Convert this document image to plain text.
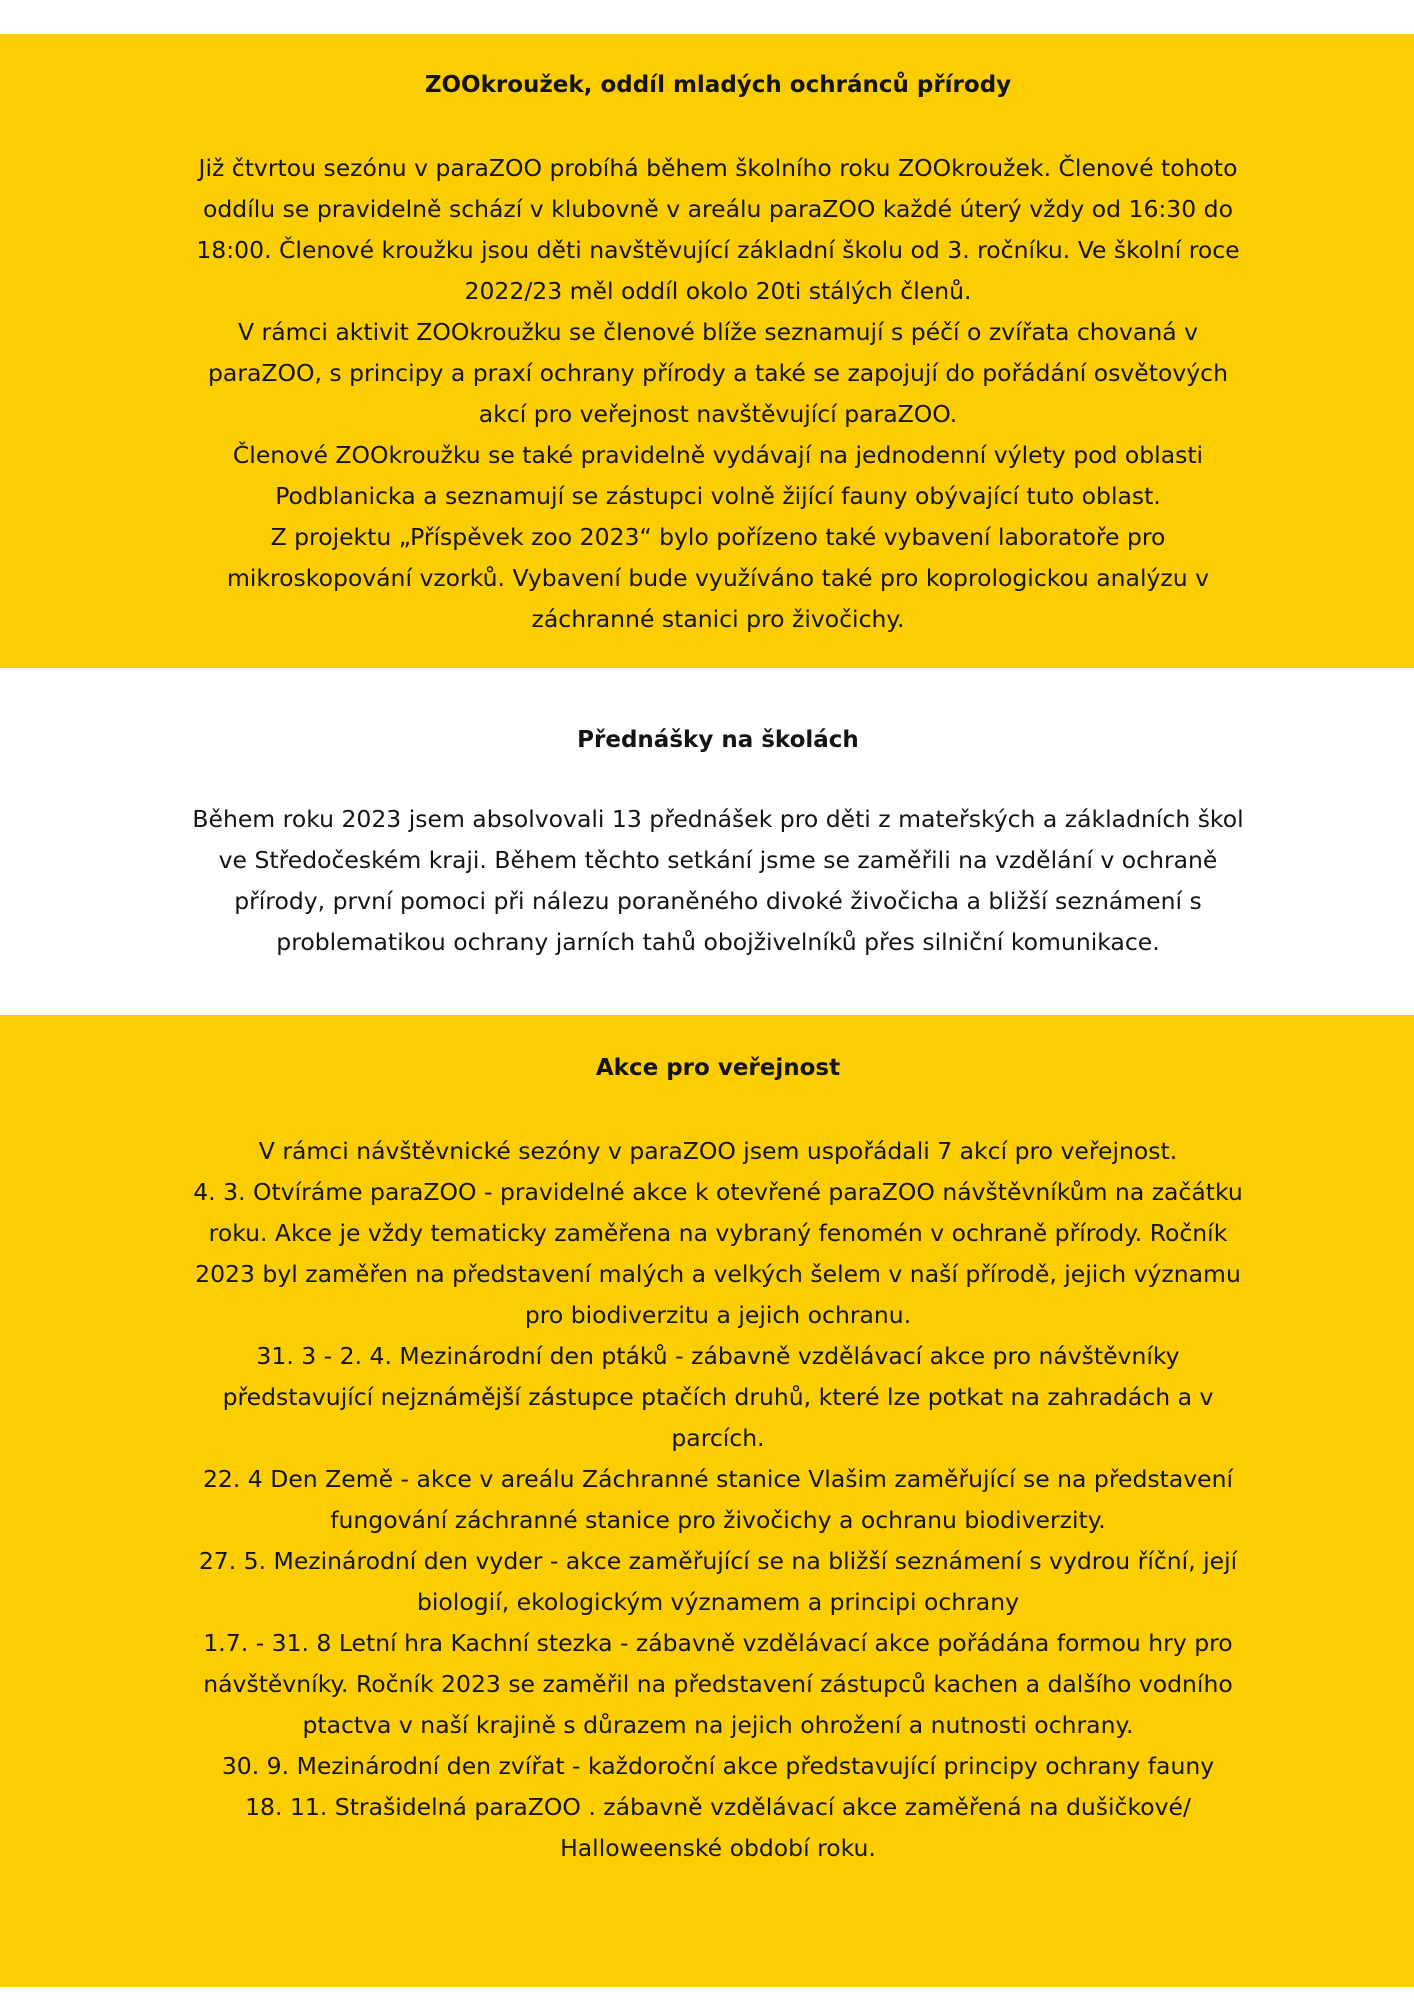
ZOOkroužek, oddíl mladých ochránců přírody
Již čtvrtou sezónu v paraZOO probíhá během školního roku ZOOkroužek. Členové tohoto
oddílu se pravidelně schází v klubovně v areálu paraZOO každé úterý vždy od 16:30 do
18:00. Členové kroužku jsou děti navštěvující základní školu od 3. ročníku. Ve školní roce
2022/23 měl oddíl okolo 20ti stálých členů.
V rámci aktivit ZOOkroužku se členové blíže seznamují s péčí o zvířata chovaná v
paraZOO, s principy a praxí ochrany přírody a také se zapojují do pořádání osvětových
akcí pro veřejnost navštěvující paraZOO.
Členové ZOOkroužku se také pravidelně vydávají na jednodenní výlety pod oblasti
Podblanicka a seznamují se zástupci volně žijící fauny obývající tuto oblast.
Z projektu „Příspěvek zoo 2023“ bylo pořízeno také vybavení laboratoře pro
mikroskopování vzorků. Vybavení bude využíváno také pro koprologickou analýzu v
záchranné stanici pro živočichy.
Přednášky na školách
Během roku 2023 jsem absolvovali 13 přednášek pro děti z mateřských a základních škol
ve Středočeském kraji. Během těchto setkání jsme se zaměřili na vzdělání v ochraně
přírody, první pomoci při nálezu poraněného divoké živočicha a bližší seznámení s
problematikou ochrany jarních tahů obojživelníků přes silniční komunikace.
Akce pro veřejnost
V rámci návštěvnické sezóny v paraZOO jsem uspořádali 7 akcí pro veřejnost.
4. 3. Otvíráme paraZOO - pravidelné akce k otevřené paraZOO návštěvníkům na začátku
roku. Akce je vždy tematicky zaměřena na vybraný fenomén v ochraně přírody. Ročník
2023 byl zaměřen na představení malých a velkých šelem v naší přírodě, jejich významu
pro biodiverzitu a jejich ochranu.
31. 3 - 2. 4. Mezinárodní den ptáků - zábavně vzdělávací akce pro návštěvníky
představující nejznámější zástupce ptačích druhů, které lze potkat na zahradách a v
parcích.
22. 4 Den Země - akce v areálu Záchranné stanice Vlašim zaměřující se na představení
fungování záchranné stanice pro živočichy a ochranu biodiverzity.
27. 5. Mezinárodní den vyder - akce zaměřující se na bližší seznámení s vydrou říční, její
biologií, ekologickým významem a principi ochrany
1.7. - 31. 8 Letní hra Kachní stezka - zábavně vzdělávací akce pořádána formou hry pro
návštěvníky. Ročník 2023 se zaměřil na představení zástupců kachen a dalšího vodního
ptactva v naší krajině s důrazem na jejich ohrožení a nutnosti ochrany.
30. 9. Mezinárodní den zvířat - každoroční akce představující principy ochrany fauny
18. 11. Strašidelná paraZOO . zábavně vzdělávací akce zaměřená na dušičkové/
Halloweenské období roku.
